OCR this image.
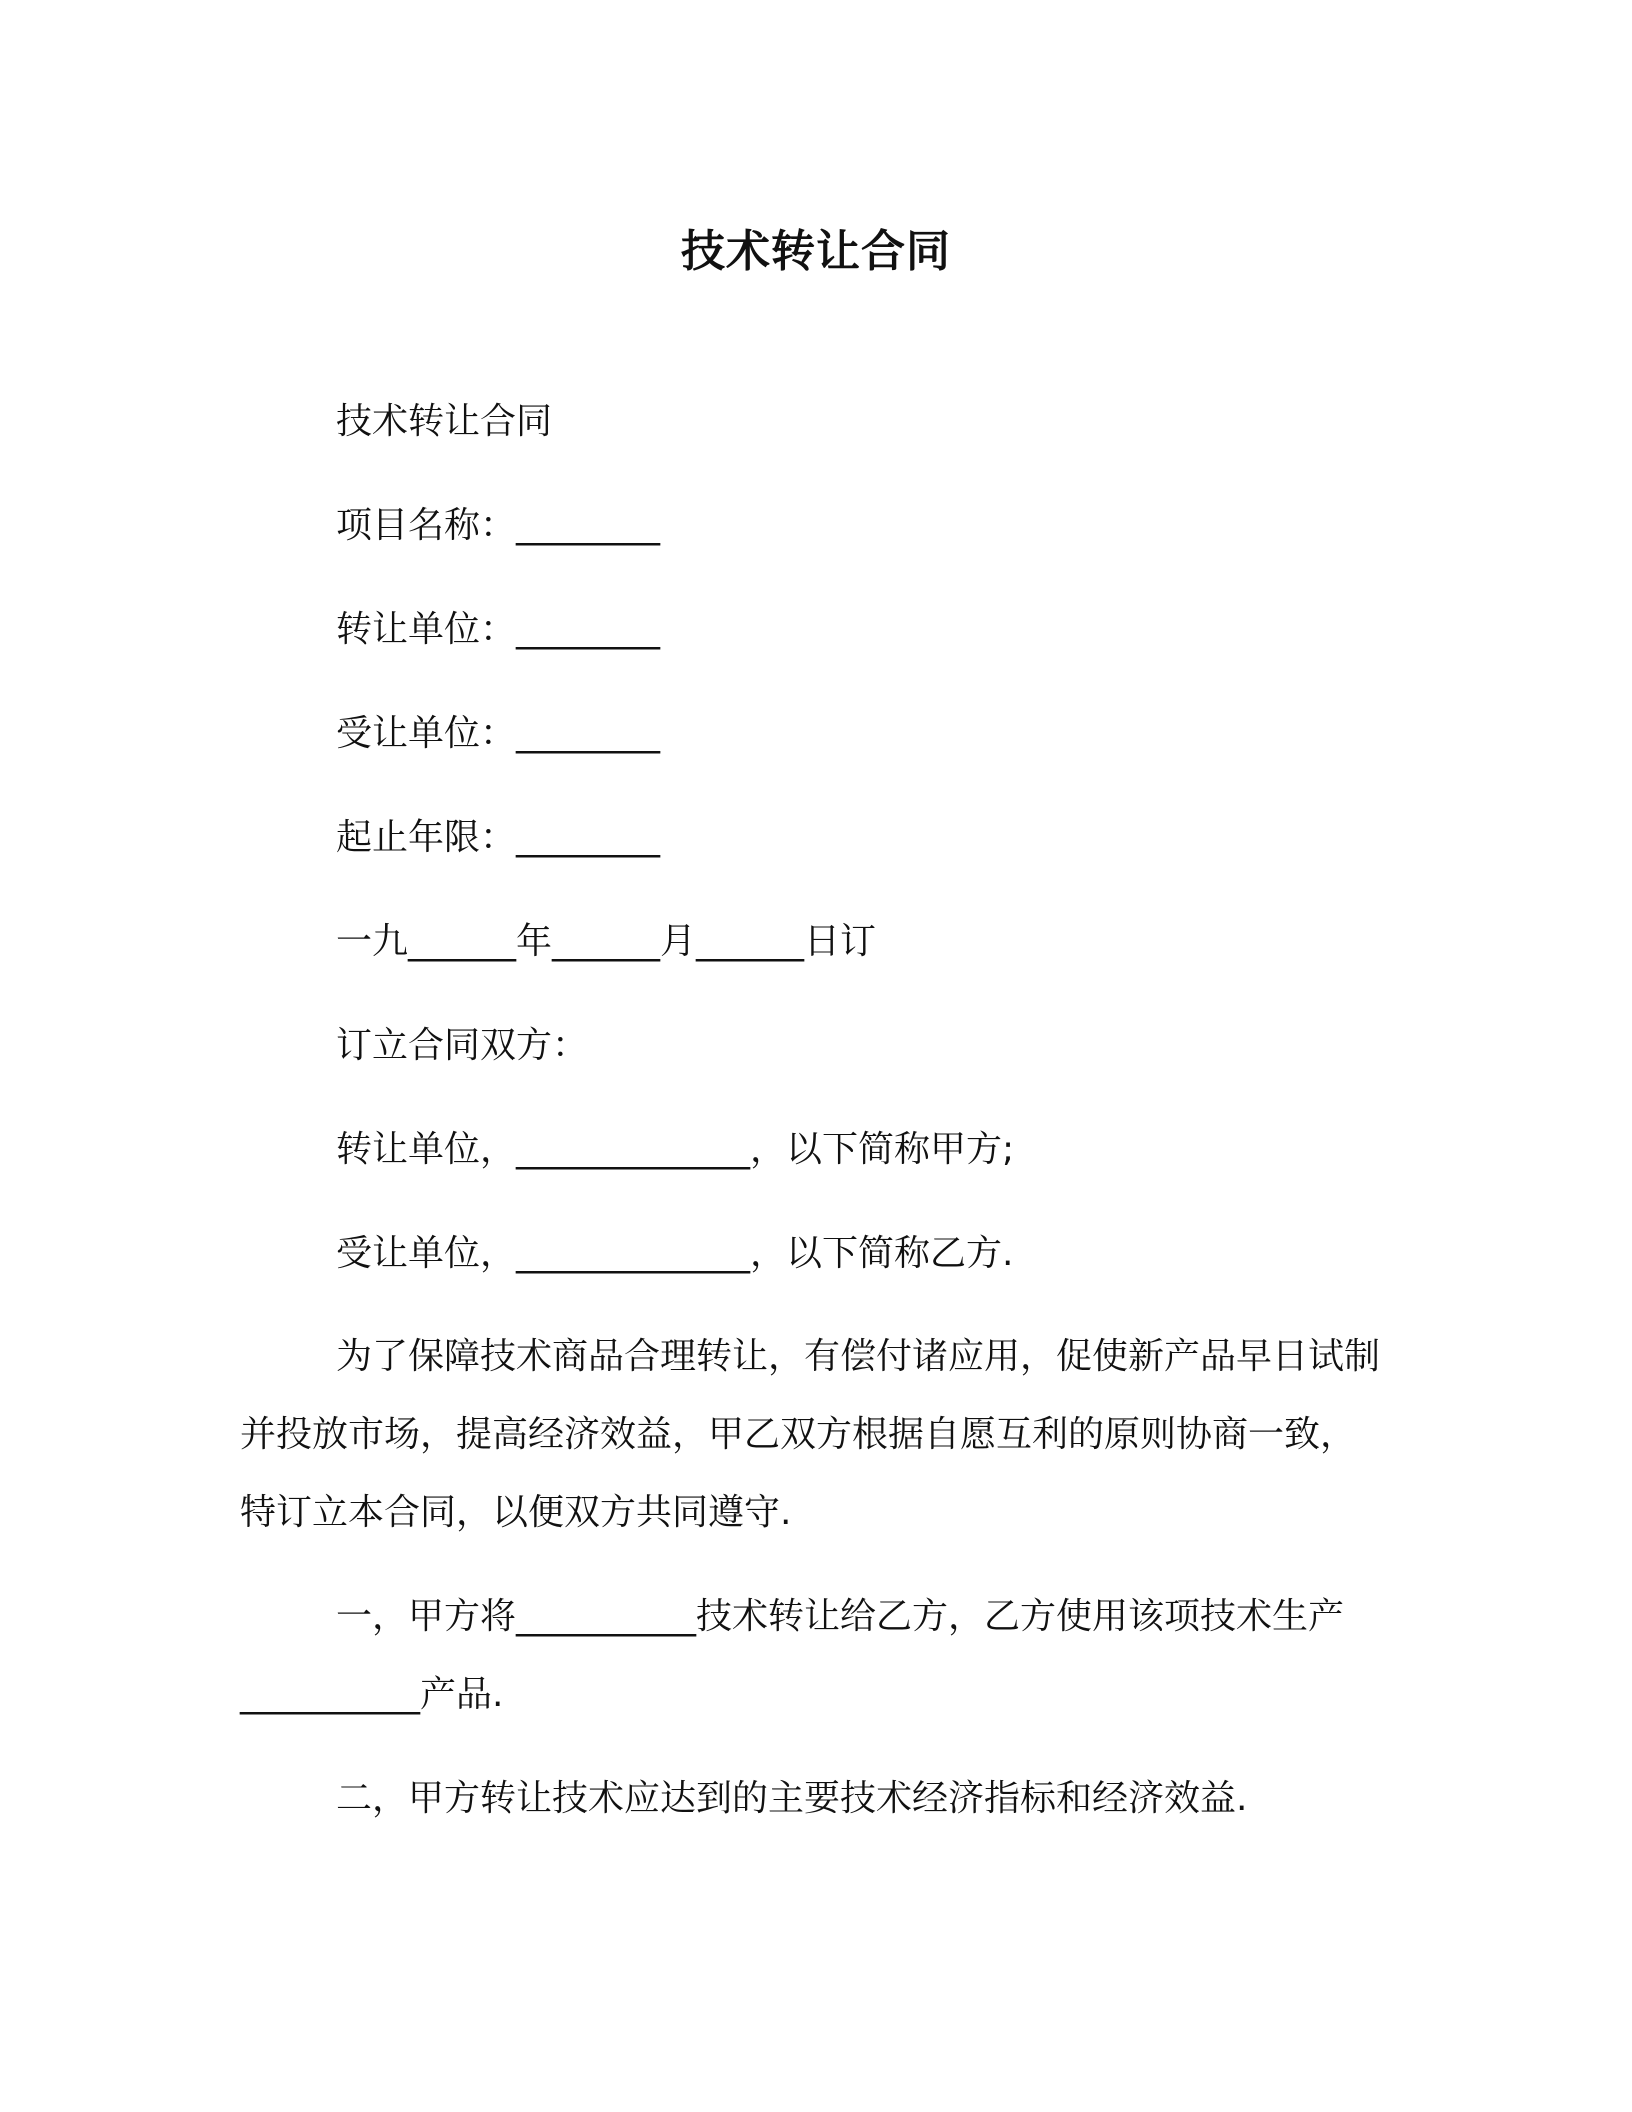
技术转让合同
技术转让合同
项目名称：________
转让单位：________
受让单位：________
起止年限：________
一九______年______月______日订
订立合同双方：
转让单位，_____________，以下简称甲方;
受让单位，_____________，以下简称乙方.

为了保障技术商品合理转让，有偿付诸应用，促使新产品早日试制并投放市场，提高经济效益，甲乙双方根据自愿互利的原则协商一致，特订立本合同，以便双方共同遵守.

一，甲方将__________技术转让给乙方，乙方使用该项技术生产__________产品.

二，甲方转让技术应达到的主要技术经济指标和经济效益.
